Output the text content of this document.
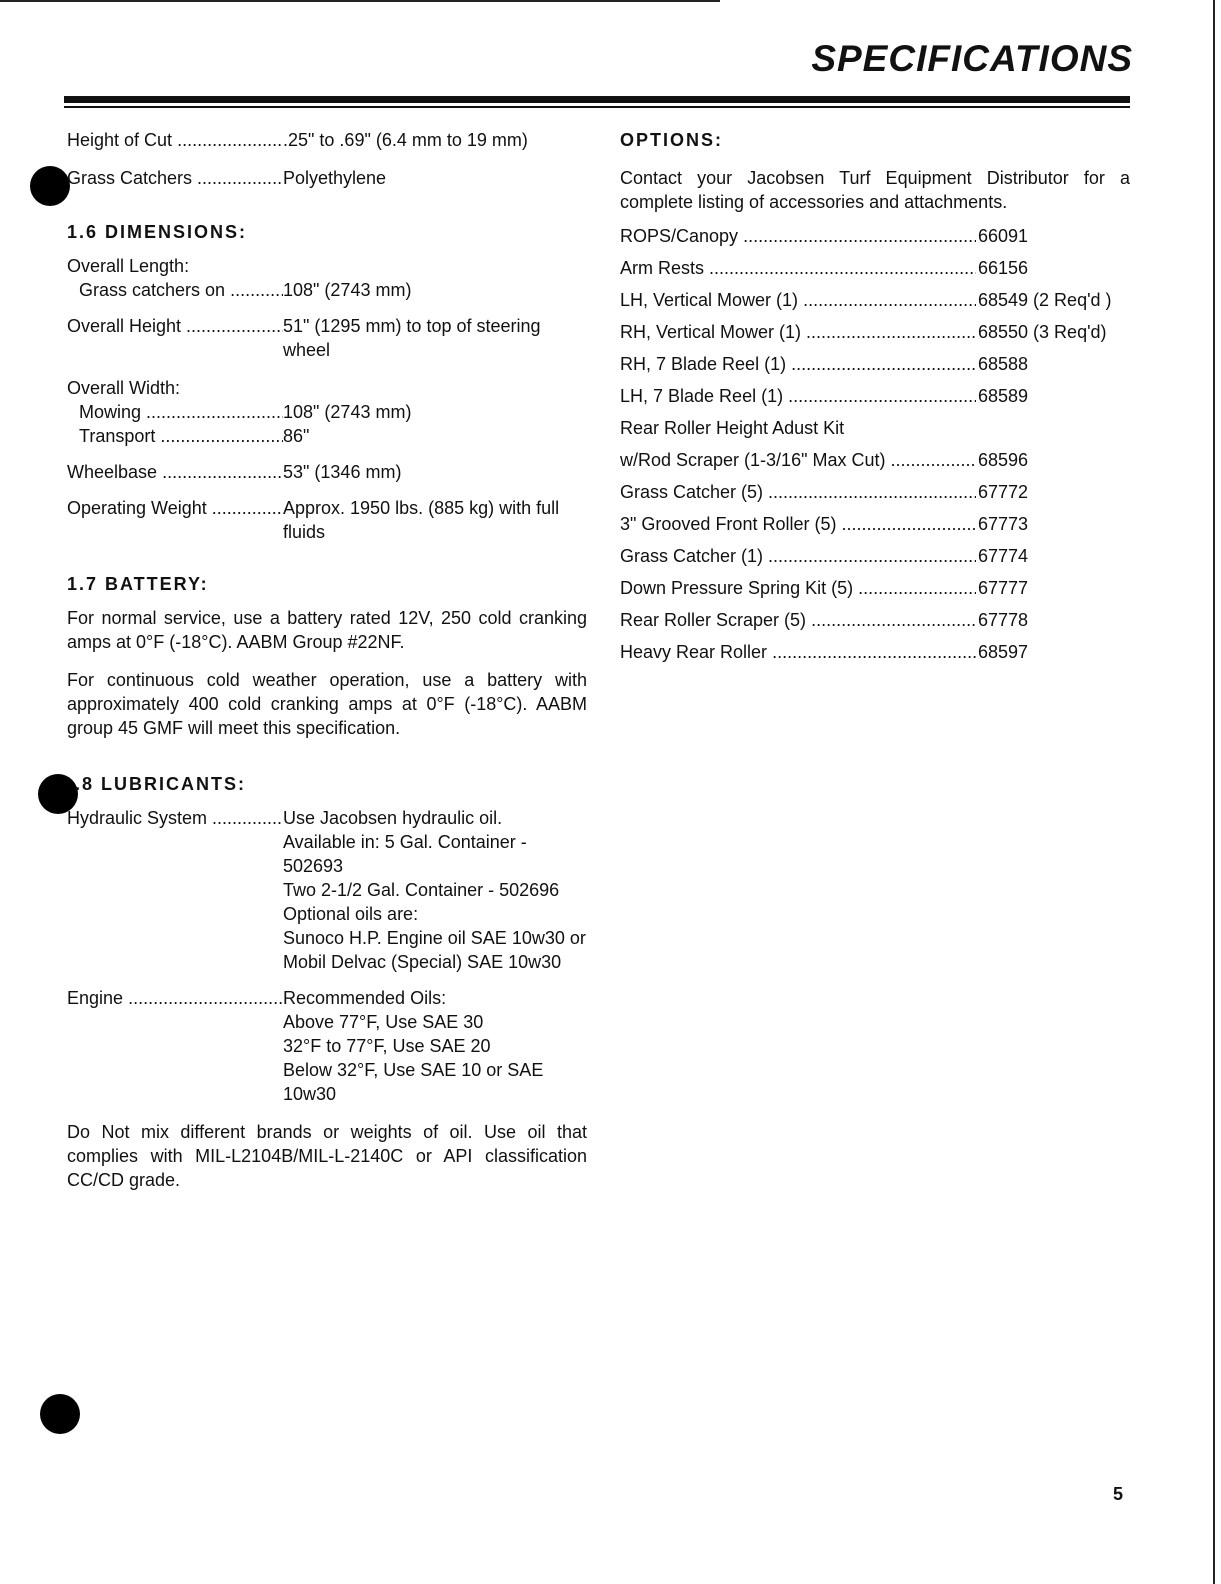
SPECIFICATIONS
Height of Cut .....	.25" to .69" (6.4 mm to 19 mm)
Grass Catchers .....	Polyethylene
1.6 DIMENSIONS:
Overall Length:
Grass catchers on .....	108" (2743 mm)
Overall Height .....	51" (1295 mm) to top of steering wheel
Overall Width:
Mowing .....	108" (2743 mm)
Transport .....	86"
Wheelbase .....	53" (1346 mm)
Operating Weight .....	Approx. 1950 lbs. (885 kg) with full fluids
1.7 BATTERY:

For normal service, use a battery rated 12V, 250 cold cranking amps at 0°F (-18°C). AABM Group #22NF.

For continuous cold weather operation, use a battery with approximately 400 cold cranking amps at 0°F (-18°C). AABM group 45 GMF will meet this specification.

.8 LUBRICANTS:
Hydraulic System .....	Use Jacobsen hydraulic oil.
Available in: 5 Gal. Container - 502693
Two 2-1/2 Gal. Container - 502696
Optional oils are:
Sunoco H.P. Engine oil SAE 10w30 or Mobil Delvac (Special) SAE 10w30
Engine .....	Recommended Oils:
Above 77°F, Use SAE 30
32°F to 77°F, Use SAE 20
Below 32°F, Use SAE 10 or SAE 10w30

Do Not mix different brands or weights of oil. Use oil that complies with MIL-L2104B/MIL-L-2140C or API classification CC/CD grade.

OPTIONS:

Contact your Jacobsen Turf Equipment Distributor for a complete listing of accessories and attachments.

ROPS/Canopy .....	66091
Arm Rests .....	66156
LH, Vertical Mower (1) .....	68549 (2 Req'd )
RH, Vertical Mower (1) .....	68550 (3 Req'd)
RH, 7 Blade Reel (1) .....	68588
LH, 7 Blade Reel (1) .....	68589
Rear Roller Height Adust Kit
w/Rod Scraper (1-3/16" Max Cut) .....	68596
Grass Catcher (5) .....	67772
3" Grooved Front Roller (5) .....	67773
Grass Catcher (1) .....	67774
Down Pressure Spring Kit (5) .....	67777
Rear Roller Scraper (5) .....	67778
Heavy Rear Roller .....	68597
5
